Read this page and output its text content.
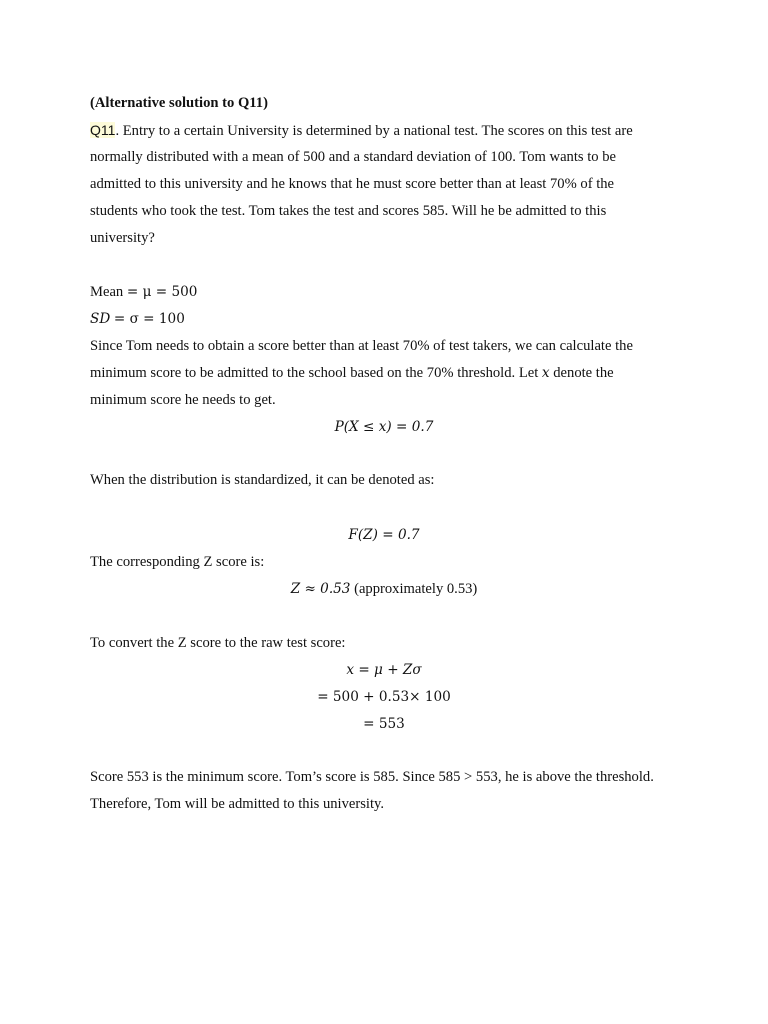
(Alternative solution to Q11)
Q11. Entry to a certain University is determined by a national test. The scores on this test are
normally distributed with a mean of 500 and a standard deviation of 100. Tom wants to be
admitted to this university and he knows that he must score better than at least 70% of the
students who took the test. Tom takes the test and scores 585. Will he be admitted to this
university?
Mean = μ = 500
SD = σ = 100
Since Tom needs to obtain a score better than at least 70% of test takers, we can calculate the
minimum score to be admitted to the school based on the 70% threshold. Let x denote the
minimum score he needs to get.
P(X ≤ x) = 0.7
When the distribution is standardized, it can be denoted as:
F(Z) = 0.7
The corresponding Z score is:
Z ≈ 0.53 (approximately 0.53)
To convert the Z score to the raw test score:
x = μ + Zσ
= 500 + 0.53× 100
= 553
Score 553 is the minimum score. Tom’s score is 585. Since 585 > 553, he is above the threshold.
Therefore, Tom will be admitted to this university.
